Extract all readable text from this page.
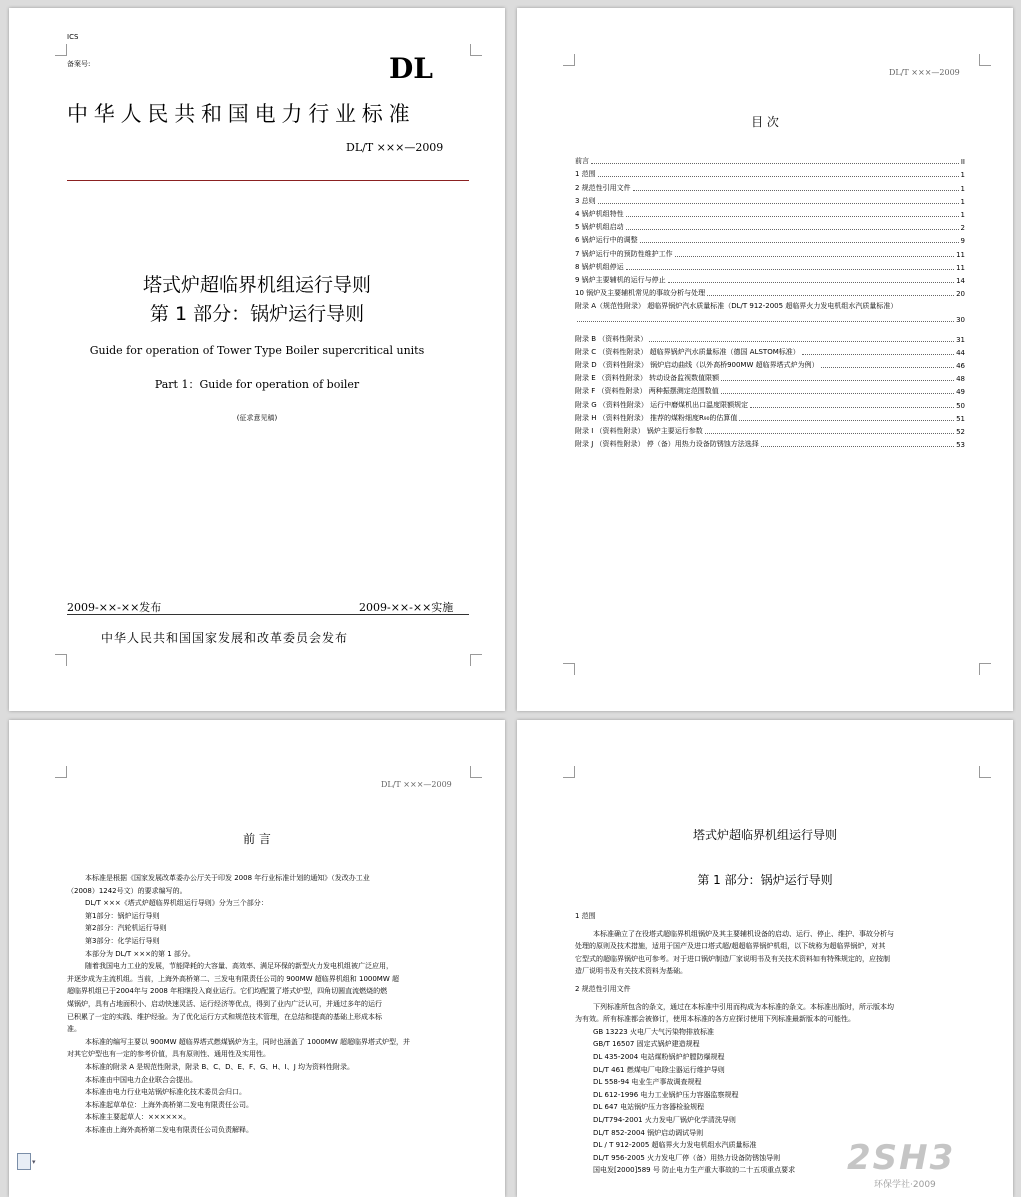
ICS
备案号:	DL
中华人民共和国电力行业标准
DL/T ×××—2009
塔式炉超临界机组运行导则
第 1 部分：锅炉运行导则
Guide for operation of Tower Type Boiler supercritical units
Part 1：Guide for operation of boiler
(征求意见稿)
2009-××-××发布	2009-××-××实施
中华人民共和国国家发展和改革委员会发布
DL/T ×××—2009
目 次
前言	II
1 范围	1
2 规范性引用文件	1
3 总则	1
4 锅炉机组特性	1
5 锅炉机组启动	2
6 锅炉运行中的调整	9
7 锅炉运行中的预防性维护工作	11
8 锅炉机组停运	11
9 锅炉主要辅机的运行与停止	14
10 锅炉及主要辅机常见的事故分析与处理	20
附录 A（规范性附录） 超临界锅炉汽水质量标准（DL/T 912-2005 超临界火力发电机组水汽质量标准）
30
附录 B （资料性附录）	31
附录 C （资料性附录） 超临界锅炉汽水质量标准（德国 ALSTOM标准）	44
附录 D （资料性附录） 锅炉启动曲线（以外高桥900MW 超临界塔式炉为例）	46
附录 E （资料性附录） 转动设备监视数值限额	48
附录 F （资料性附录） 两种振摆测定范围数值	49
附录 G （资料性附录） 运行中磨煤机出口温度限额规定	50
附录 H （资料性附录） 推荐的煤粉细度R₉₀的估算值	51
附录 I （资料性附录） 锅炉主要运行参数	52
附录 J （资料性附录） 停（备）用热力设备防锈蚀方法选择	53
DL/T ×××—2009
前 言
本标准是根据《国家发展改革委办公厅关于印发 2008 年行业标准计划的通知》（发改办工业
（2008）1242号文）的要求编写的。
DL/T ×××《塔式炉超临界机组运行导则》分为三个部分：
第1部分：锅炉运行导则
第2部分：汽轮机运行导则
第3部分：化学运行导则
本部分为 DL/T ×××的第 1 部分。
随着我国电力工业的发展，节能降耗的大容量、高效率、满足环保的新型火力发电机组被广泛应用，
并逐步成为主流机组。当前，上海外高桥第二、三发电有限责任公司的 900MW 超临界机组和 1000MW 超
超临界机组已于2004年与 2008 年相继投入商业运行。它们均配置了塔式炉型，四角切圆直流燃烧的燃
煤锅炉，具有占地面积小、启动快速灵活、运行经济等优点，得到了业内广泛认可，并通过多年的运行
已积累了一定的实践、维护经验。为了优化运行方式和规范技术管理，在总结和提高的基础上形成本标
准。
本标准的编写主要以 900MW 超临界塔式燃煤锅炉为主，同时也涵盖了 1000MW 超超临界塔式炉型，并
对其它炉型也有一定的参考价值，具有原则性、通用性及实用性。
本标准的附录 A 是规范性附录，附录 B、C、D、E、F、G、H、I、J 均为资料性附录。
本标准由中国电力企业联合会提出。
本标准由电力行业电站锅炉标准化技术委员会归口。
本标准起草单位：上海外高桥第二发电有限责任公司。
本标准主要起草人：××××××。
本标准由上海外高桥第二发电有限责任公司负责解释。
▾
塔式炉超临界机组运行导则
第 1 部分：锅炉运行导则
1 范围
本标准确立了在役塔式超临界机组锅炉及其主要辅机设备的启动、运行、停止、维护、事故分析与
处理的原则及技术措施，适用于国产及进口塔式超/超超临界锅炉机组，以下统称为超临界锅炉，对其
它型式的超临界锅炉也可参考。对于进口锅炉制造厂家说明书及有关技术资料如有特殊规定的，应按制
造厂说明书及有关技术资料为基础。
2 规范性引用文件
下列标准所包含的条文，通过在本标准中引用而构成为本标准的条文。本标准出版时，所示版本均
为有效。所有标准都会被修订，使用本标准的各方应探讨使用下列标准最新版本的可能性。
GB 13223 火电厂大气污染物排放标准
GB/T 16507 固定式锅炉建造规程
DL 435-2004 电站煤粉锅炉炉膛防爆规程
DL/T 461 燃煤电厂电除尘器运行维护导则
DL 558-94 电业生产事故调查规程
DL 612-1996 电力工业锅炉压力容器监察规程
DL 647 电站锅炉压力容器检验规程
DL/T794-2001 火力发电厂锅炉化学清洗导则
DL/T 852-2004 锅炉启动调试导则
DL / T 912-2005 超临界火力发电机组水汽质量标准
DL/T 956-2005 火力发电厂停（备）用热力设备防锈蚀导则
国电发[2000]589 号 防止电力生产重大事故的二十五项重点要求	2SH3
环保学社·2009
